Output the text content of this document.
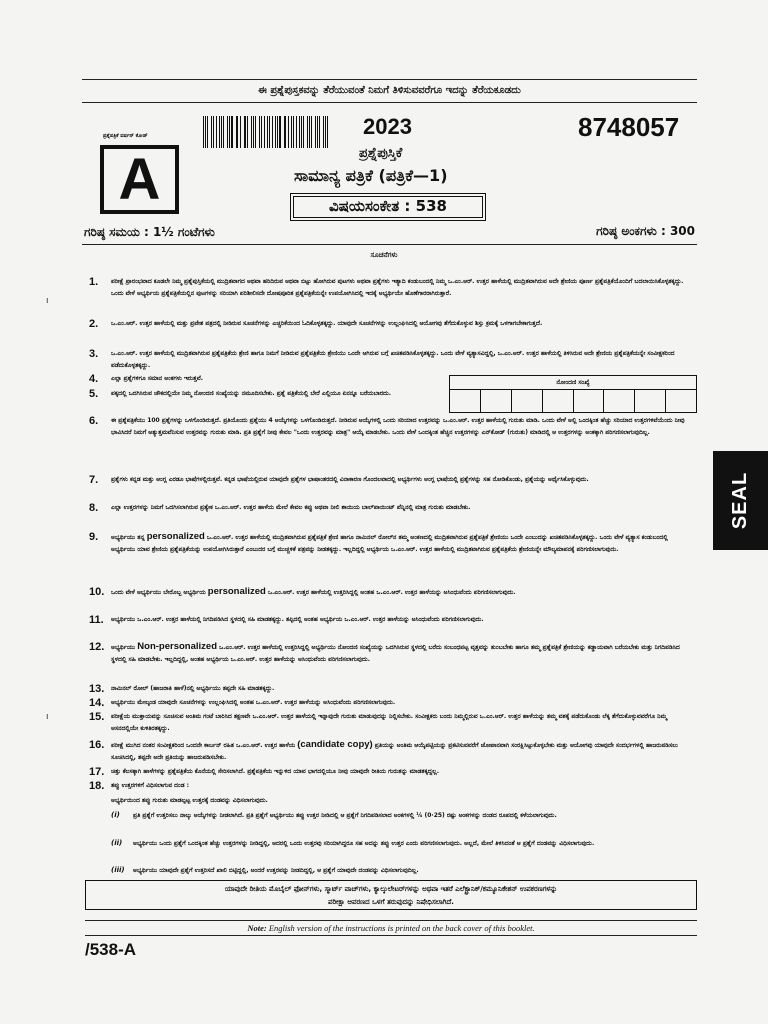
ಈ ಪ್ರಶ್ನೆಪುಸ್ತಕವನ್ನು ತೆರೆಯುವಂತೆ ನಿಮಗೆ ತಿಳಿಸುವವರೆಗೂ ಇದನ್ನು ತೆರೆಯಕೂಡದು
ಪ್ರಶ್ನೆಪತ್ರಿಕೆ ವರ್ಷನ್ ಕೋಡ್
A
2023	8748057
ಪ್ರಶ್ನೆಪುಸ್ತಿಕೆ
ಸಾಮಾನ್ಯ ಪತ್ರಿಕೆ (ಪತ್ರಿಕೆ—1)
ವಿಷಯಸಂಕೇತ : 538
ಗರಿಷ್ಠ ಸಮಯ : 1½ ಗಂಟೆಗಳು	ಗರಿಷ್ಠ ಅಂಕಗಳು : 300
ಸೂಚನೆಗಳು
ನೋಂದಣಿ ಸಂಖ್ಯೆ
1. ಪರೀಕ್ಷೆ ಪ್ರಾರಂಭವಾದ ಕೂಡಲೇ ನಿಮ್ಮ ಪ್ರಶ್ನೆಪುಸ್ತಿಕೆಯಲ್ಲಿ ಮುದ್ರಿತವಾಗದ ಅಥವಾ ಹರಿದಿರುವ ಅಥವಾ ಬಿಟ್ಟು ಹೋಗಿರುವ ಪುಟಗಳು ಅಥವಾ ಪ್ರಶ್ನೆಗಳು ಇತ್ಯಾದಿ ಕಂಡುಬಂದಲ್ಲಿ ನಿಮ್ಮ ಒ.ಎಂ.ಆರ್. ಉತ್ತರ ಹಾಳೆಯಲ್ಲಿ ಮುದ್ರಿತವಾಗಿರುವ ಅದೇ ಶ್ರೇಣಿಯ ಪೂರ್ಣ ಪ್ರಶ್ನೆಪತ್ರಿಕೆಯೊಂದಿಗೆ ಬದಲಾಯಿಸಿಕೊಳ್ಳತಕ್ಕದ್ದು. ಒಂದು ವೇಳೆ ಅಭ್ಯರ್ಥಿಯ ಪ್ರಶ್ನೆಪತ್ರಿಕೆಯಲ್ಲಿನ ಪುಟಗಳನ್ನು ಸರಿಯಾಗಿ ಪರಿಶೀಲಿಸದೇ ದೋಷಪೂರಿತ ಪ್ರಶ್ನೆಪತ್ರಿಕೆಯನ್ನೇ ಉಪಯೋಗಿಸಿದಲ್ಲಿ ಇದಕ್ಕೆ ಅಭ್ಯರ್ಥಿಯೇ ಹೊಣೆಗಾರರಾಗಿರುತ್ತಾರೆ.
2. ಒ.ಎಂ.ಆರ್. ಉತ್ತರ ಹಾಳೆಯಲ್ಲಿ ಮತ್ತು ಪ್ರವೇಶ ಪತ್ರದಲ್ಲಿ ನೀಡಿರುವ ಸೂಚನೆಗಳನ್ನು ಎಚ್ಚರಿಕೆಯಿಂದ ಓದಿಕೊಳ್ಳತಕ್ಕದ್ದು. ಯಾವುದೇ ಸೂಚನೆಗಳನ್ನು ಉಲ್ಲಂಘಿಸಿದಲ್ಲಿ ಆಯೋಗವು ತೆಗೆದುಕೊಳ್ಳುವ ಶಿಸ್ತು ಕ್ರಮಕ್ಕೆ ಒಳಗಾಗಬೇಕಾಗುತ್ತದೆ.
3. ಒ.ಎಂ.ಆರ್. ಉತ್ತರ ಹಾಳೆಯಲ್ಲಿ ಮುದ್ರಿತವಾಗಿರುವ ಪ್ರಶ್ನೆಪತ್ರಿಕೆಯ ಶ್ರೇಣಿ ಹಾಗೂ ನಿಮಗೆ ನೀಡಿರುವ ಪ್ರಶ್ನೆಪತ್ರಿಕೆಯ ಶ್ರೇಣಿಯು ಒಂದೇ ಆಗಿರುವ ಬಗ್ಗೆ ಖಚಿತಪಡಿಸಿಕೊಳ್ಳತಕ್ಕದ್ದು. ಒಂದು ವೇಳೆ ವ್ಯತ್ಯಾಸವಿದ್ದಲ್ಲಿ, ಒ.ಎಂ.ಆರ್. ಉತ್ತರ ಹಾಳೆಯಲ್ಲಿ ತಿಳಿಸಿರುವ ಅದೇ ಶ್ರೇಣಿಯ ಪ್ರಶ್ನೆಪತ್ರಿಕೆಯನ್ನೇ ಸಂವೀಕ್ಷಕರಿಂದ ಪಡೆದುಕೊಳ್ಳತಕ್ಕದ್ದು.
4. ಎಲ್ಲಾ ಪ್ರಶ್ನೆಗಳಿಗೂ ಸಮಾನ ಅಂಕಗಳು ಇರುತ್ತವೆ.
5. ಪಕ್ಕದಲ್ಲಿ ಒದಗಿಸಿರುವ ಚೌಕದಲ್ಲಿಯೇ ನಿಮ್ಮ ನೋಂದಣಿ ಸಂಖ್ಯೆಯನ್ನು ನಮೂದಿಸಬೇಕು. ಪ್ರಶ್ನೆ ಪತ್ರಿಕೆಯಲ್ಲಿ ಬೇರೆ ಎಲ್ಲಿಯೂ ಏನನ್ನೂ ಬರೆಯಬಾರದು.
6. ಈ ಪ್ರಶ್ನೆಪತ್ರಿಕೆಯು 100 ಪ್ರಶ್ನೆಗಳನ್ನು ಒಳಗೊಂಡಿರುತ್ತದೆ. ಪ್ರತಿಯೊಂದು ಪ್ರಶ್ನೆಯು 4 ಆಯ್ಕೆಗಳನ್ನು ಒಳಗೊಂಡಿರುತ್ತದೆ. ನೀಡಿರುವ ಆಯ್ಕೆಗಳಲ್ಲಿ ಒಂದು ಸರಿಯಾದ ಉತ್ತರವನ್ನು ಒ.ಎಂ.ಆರ್. ಉತ್ತರ ಹಾಳೆಯಲ್ಲಿ ಗುರುತು ಮಾಡಿ. ಒಂದು ವೇಳೆ ಅಲ್ಲಿ ಒಂದಕ್ಕಿಂತ ಹೆಚ್ಚು ಸರಿಯಾದ ಉತ್ತರಗಳಿವೆಯೆಂದು ನೀವು ಭಾವಿಸಿದರೆ ನಿಮಗೆ ಅತ್ಯುತ್ತಮವೆನಿಸುವ ಉತ್ತರವನ್ನು ಗುರುತು ಮಾಡಿ. ಪ್ರತಿ ಪ್ರಶ್ನೆಗೆ ನೀವು ಕೇವಲ "ಒಂದು ಉತ್ತರವನ್ನು ಮಾತ್ರ" ಆಯ್ಕೆ ಮಾಡಬೇಕು. ಒಂದು ವೇಳೆ ಒಂದಕ್ಕಿಂತ ಹೆಚ್ಚಿನ ಉತ್ತರಗಳನ್ನು ಎನ್‌ಕೋಡ್ (ಗುರುತು) ಮಾಡಿದಲ್ಲಿ ಆ ಉತ್ತರಗಳನ್ನು ಅಂಕಕ್ಕಾಗಿ ಪರಿಗಣಿಸಲಾಗುವುದಿಲ್ಲ.
7. ಪ್ರಶ್ನೆಗಳು ಕನ್ನಡ ಮತ್ತು ಆಂಗ್ಲ ಎರಡೂ ಭಾಷೆಗಳಲ್ಲಿರುತ್ತವೆ. ಕನ್ನಡ ಭಾಷೆಯಲ್ಲಿರುವ ಯಾವುದೇ ಪ್ರಶ್ನೆಗಳ ಭಾಷಾಂತರದಲ್ಲಿ ವಿನಾಕಾರಣ ಗೊಂದಲವಾದಲ್ಲಿ ಅಭ್ಯರ್ಥಿಗಳು ಆಂಗ್ಲ ಭಾಷೆಯಲ್ಲಿ ಪ್ರಶ್ನೆಗಳನ್ನು ಸಹ ನೋಡಿಕೊಂಡು, ಪ್ರಶ್ನೆಯನ್ನು ಅರ್ಥೈಸಿಕೊಳ್ಳುವುದು.
8. ಎಲ್ಲಾ ಉತ್ತರಗಳನ್ನು ನಿಮಗೆ ಒದಗಿಸಲಾಗಿರುವ ಪ್ರತ್ಯೇಕ ಒ.ಎಂ.ಆರ್. ಉತ್ತರ ಹಾಳೆಯ ಮೇಲೆ ಕೇವಲ ಕಪ್ಪು ಅಥವಾ ನೀಲಿ ಶಾಯಿಯ ಬಾಲ್‌ಪಾಯಿಂಟ್ ಪೆನ್ನಿನಲ್ಲಿ ಮಾತ್ರ ಗುರುತು ಮಾಡಬೇಕು.
9. ಅಭ್ಯರ್ಥಿಯು ತನ್ನ personalized ಒ.ಎಂ.ಆರ್. ಉತ್ತರ ಹಾಳೆಯಲ್ಲಿ ಮುದ್ರಿತವಾಗಿರುವ ಪ್ರಶ್ನೆಪತ್ರಿಕೆ ಶ್ರೇಣಿ ಹಾಗೂ ನಾಮಿನಲ್ ರೋಲ್‌ನ ತಮ್ಮ ಅಂಕಣದಲ್ಲಿ ಮುದ್ರಿತವಾಗಿರುವ ಪ್ರಶ್ನೆಪತ್ರಿಕೆ ಶ್ರೇಣಿಯು ಒಂದೇ ಎಂಬುದನ್ನು ಖಚಿತಪಡಿಸಿಕೊಳ್ಳತಕ್ಕದ್ದು. ಒಂದು ವೇಳೆ ವ್ಯತ್ಯಾಸ ಕಂಡುಬಂದಲ್ಲಿ ಅಭ್ಯರ್ಥಿಯು ಯಾವ ಶ್ರೇಣಿಯ ಪ್ರಶ್ನೆಪತ್ರಿಕೆಯನ್ನು ಉಪಯೋಗಿಸಿರುತ್ತಾರೆ ಎಂಬುದರ ಬಗ್ಗೆ ಮುಚ್ಚಳಿಕೆ ಪತ್ರವನ್ನು ನೀಡತಕ್ಕದ್ದು. ಇಲ್ಲದಿದ್ದಲ್ಲಿ ಅಭ್ಯರ್ಥಿಯ ಒ.ಎಂ.ಆರ್. ಉತ್ತರ ಹಾಳೆಯಲ್ಲಿ ಮುದ್ರಿತವಾಗಿರುವ ಪ್ರಶ್ನೆಪತ್ರಿಕೆಯ ಶ್ರೇಣಿಯನ್ನೇ ಮೌಲ್ಯಮಾಪನಕ್ಕೆ ಪರಿಗಣಿಸಲಾಗುವುದು.
10. ಒಂದು ವೇಳೆ ಅಭ್ಯರ್ಥಿಯು ಬೇರೊಬ್ಬ ಅಭ್ಯರ್ಥಿಯ personalized ಒ.ಎಂ.ಆರ್. ಉತ್ತರ ಹಾಳೆಯಲ್ಲಿ ಉತ್ತರಿಸಿದ್ದಲ್ಲಿ ಅಂತಹ ಒ.ಎಂ.ಆರ್. ಉತ್ತರ ಹಾಳೆಯನ್ನು ಅಸಿಂಧುವೆಂದು ಪರಿಗಣಿಸಲಾಗುವುದು.
11. ಅಭ್ಯರ್ಥಿಯು ಒ.ಎಂ.ಆರ್. ಉತ್ತರ ಹಾಳೆಯಲ್ಲಿ ನಿಗದಿಪಡಿಸಿದ ಸ್ಥಳದಲ್ಲಿ ಸಹಿ ಮಾಡತಕ್ಕದ್ದು. ತಪ್ಪಿದಲ್ಲಿ ಅಂತಹ ಅಭ್ಯರ್ಥಿಯ ಒ.ಎಂ.ಆರ್. ಉತ್ತರ ಹಾಳೆಯನ್ನು ಅಸಿಂಧುವೆಂದು ಪರಿಗಣಿಸಲಾಗುವುದು.
12. ಅಭ್ಯರ್ಥಿಯು Non-personalized ಒ.ಎಂ.ಆರ್. ಉತ್ತರ ಹಾಳೆಯಲ್ಲಿ ಉತ್ತರಿಸಿದ್ದಲ್ಲಿ ಅಭ್ಯರ್ಥಿಯು ನೋಂದಣಿ ಸಂಖ್ಯೆಯನ್ನು ಒದಗಿಸಿರುವ ಸ್ಥಳದಲ್ಲಿ ಬರೆದು ಸಂಬಂಧಪಟ್ಟ ವೃತ್ತವನ್ನು ತುಂಬಬೇಕು ಹಾಗೂ ತಮ್ಮ ಪ್ರಶ್ನೆಪತ್ರಿಕೆ ಶ್ರೇಣಿಯನ್ನು ಕಡ್ಡಾಯವಾಗಿ ಬರೆಯಬೇಕು ಮತ್ತು ನಿಗದಿಪಡಿಸಿದ ಸ್ಥಳದಲ್ಲಿ ಸಹಿ ಮಾಡಬೇಕು. ಇಲ್ಲದಿದ್ದಲ್ಲಿ, ಅಂತಹ ಅಭ್ಯರ್ಥಿಯ ಒ.ಎಂ.ಆರ್. ಉತ್ತರ ಹಾಳೆಯನ್ನು ಅಸಿಂಧುವೆಂದು ಪರಿಗಣಿಸಲಾಗುವುದು.
13. ನಾಮಿನಲ್ ರೋಲ್ (ಹಾಜರಾತಿ ಹಾಳೆ)ನಲ್ಲಿ ಅಭ್ಯರ್ಥಿಯು ತಪ್ಪದೇ ಸಹಿ ಮಾಡತಕ್ಕದ್ದು.
14. ಅಭ್ಯರ್ಥಿಯು ಮೇಲ್ಕಂಡ ಯಾವುದೇ ಸೂಚನೆಗಳನ್ನು ಉಲ್ಲಂಘಿಸಿದಲ್ಲಿ ಅಂತಹ ಒ.ಎಂ.ಆರ್. ಉತ್ತರ ಹಾಳೆಯನ್ನು ಅಸಿಂಧುವೆಂದು ಪರಿಗಣಿಸಲಾಗುವುದು.
15. ಪರೀಕ್ಷೆಯ ಮುಕ್ತಾಯವನ್ನು ಸೂಚಿಸುವ ಅಂತಿಮ ಗಂಟೆ ಬಾರಿಸಿದ ತಕ್ಷಣವೇ ಒ.ಎಂ.ಆರ್. ಉತ್ತರ ಹಾಳೆಯಲ್ಲಿ ಇನ್ನಾವುದೇ ಗುರುತು ಮಾಡುವುದನ್ನು ನಿಲ್ಲಿಸಬೇಕು. ಸಂವೀಕ್ಷಕರು ಬಂದು ನಿಮ್ಮಲ್ಲಿರುವ ಒ.ಎಂ.ಆರ್. ಉತ್ತರ ಹಾಳೆಯನ್ನು ತಮ್ಮ ವಶಕ್ಕೆ ಪಡೆದುಕೊಂಡು ಲೆಕ್ಕ ತೆಗೆದುಕೊಳ್ಳುವವರೆಗೂ ನಿಮ್ಮ ಆಸನದಲ್ಲಿಯೇ ಕುಳಿತಿರತಕ್ಕದ್ದು.
16. ಪರೀಕ್ಷೆ ಮುಗಿದ ನಂತರ ಸಂವೀಕ್ಷಕರಿಂದ ಒಂದನೇ ಕಾರ್ಬನ್ ರಹಿತ ಒ.ಎಂ.ಆರ್. ಉತ್ತರ ಹಾಳೆಯ (candidate copy) ಪ್ರತಿಯನ್ನು ಅಂತಿಮ ಆಯ್ಕೆಪಟ್ಟಿಯನ್ನು ಪ್ರಕಟಿಸುವವರೆಗೆ ಜೋಪಾನವಾಗಿ ಸಂರಕ್ಷಿಸಿಟ್ಟುಕೊಳ್ಳಬೇಕು ಮತ್ತು ಆಯೋಗವು ಯಾವುದೇ ಸಂದರ್ಭಗಳಲ್ಲಿ ಹಾಜರುಪಡಿಸಲು ಸೂಚಿಸಿದಲ್ಲಿ, ತಪ್ಪದೇ ಅದೇ ಪ್ರತಿಯನ್ನು ಹಾಜರುಪಡಿಸಬೇಕು.
17. ಚಿತ್ತು ಕೆಲಸಕ್ಕಾಗಿ ಹಾಳೆಗಳನ್ನು ಪ್ರಶ್ನೆಪತ್ರಿಕೆಯ ಕೊನೆಯಲ್ಲಿ ಸೇರಿಸಲಾಗಿದೆ. ಪ್ರಶ್ನೆಪತ್ರಿಕೆಯ ಇನ್ನುಳಿದ ಯಾವ ಭಾಗದಲ್ಲಿಯೂ ನೀವು ಯಾವುದೇ ರೀತಿಯ ಗುರುತನ್ನು ಮಾಡತಕ್ಕದ್ದಲ್ಲ.
18. ತಪ್ಪು ಉತ್ತರಗಳಿಗೆ ವಿಧಿಸಲಾಗುವ ದಂಡ :
ಅಭ್ಯರ್ಥಿಯಿಂದ ತಪ್ಪು ಗುರುತು ಮಾಡಲ್ಪಟ್ಟ ಉತ್ತರಕ್ಕೆ ದಂಡವನ್ನು ವಿಧಿಸಲಾಗುವುದು.
(i) ಪ್ರತಿ ಪ್ರಶ್ನೆಗೆ ಉತ್ತರಿಸಲು ನಾಲ್ಕು ಆಯ್ಕೆಗಳನ್ನು ನೀಡಲಾಗಿದೆ. ಪ್ರತಿ ಪ್ರಶ್ನೆಗೆ ಅಭ್ಯರ್ಥಿಯು ತಪ್ಪು ಉತ್ತರ ನೀಡಿದಲ್ಲಿ ಆ ಪ್ರಶ್ನೆಗೆ ನಿಗದಿಪಡಿಸಲಾದ ಅಂಕಗಳಲ್ಲಿ ¼ (0·25) ರಷ್ಟು ಅಂಕಗಳನ್ನು ದಂಡದ ರೂಪದಲ್ಲಿ ಕಳೆಯಲಾಗುವುದು.
(ii) ಅಭ್ಯರ್ಥಿಯು ಒಂದು ಪ್ರಶ್ನೆಗೆ ಒಂದಕ್ಕಿಂತ ಹೆಚ್ಚು ಉತ್ತರಗಳನ್ನು ನೀಡಿದ್ದಲ್ಲಿ, ಅದರಲ್ಲಿ ಒಂದು ಉತ್ತರವು ಸರಿಯಾಗಿದ್ದರೂ ಸಹ ಅದನ್ನು ತಪ್ಪು ಉತ್ತರ ಎಂದು ಪರಿಗಣಿಸಲಾಗುವುದು. ಅಲ್ಲದೆ, ಮೇಲೆ ತಿಳಿಸಿದಂತೆ ಆ ಪ್ರಶ್ನೆಗೆ ದಂಡವನ್ನು ವಿಧಿಸಲಾಗುವುದು.
(iii) ಅಭ್ಯರ್ಥಿಯು ಯಾವುದೇ ಪ್ರಶ್ನೆಗೆ ಉತ್ತರಿಸದೆ ಖಾಲಿ ಬಿಟ್ಟಿದ್ದಲ್ಲಿ, ಅಂದರೆ ಉತ್ತರವನ್ನು ನೀಡದಿದ್ದಲ್ಲಿ, ಆ ಪ್ರಶ್ನೆಗೆ ಯಾವುದೇ ದಂಡವನ್ನು ವಿಧಿಸಲಾಗುವುದಿಲ್ಲ.
ಯಾವುದೇ ರೀತಿಯ ಮೊಬೈಲ್ ಫೋನ್‌ಗಳು, ಸ್ಮಾರ್ಟ್ ವಾಚ್‌ಗಳು, ಕ್ಯಾಲ್ಕುಲೇಟರ್‌ಗಳನ್ನು ಅಥವಾ ಇತರೆ ಎಲೆಕ್ಟ್ರಾನಿಕ್/ಕಮ್ಯೂನಿಕೇಶನ್ ಉಪಕರಣಗಳನ್ನು
ಪರೀಕ್ಷಾ ಆವರಣದ ಒಳಗೆ ತರುವುದನ್ನು ನಿಷೇಧಿಸಲಾಗಿದೆ.
Note: English version of the instructions is printed on the back cover of this booklet.
/538-A
SEAL
ı
ı
